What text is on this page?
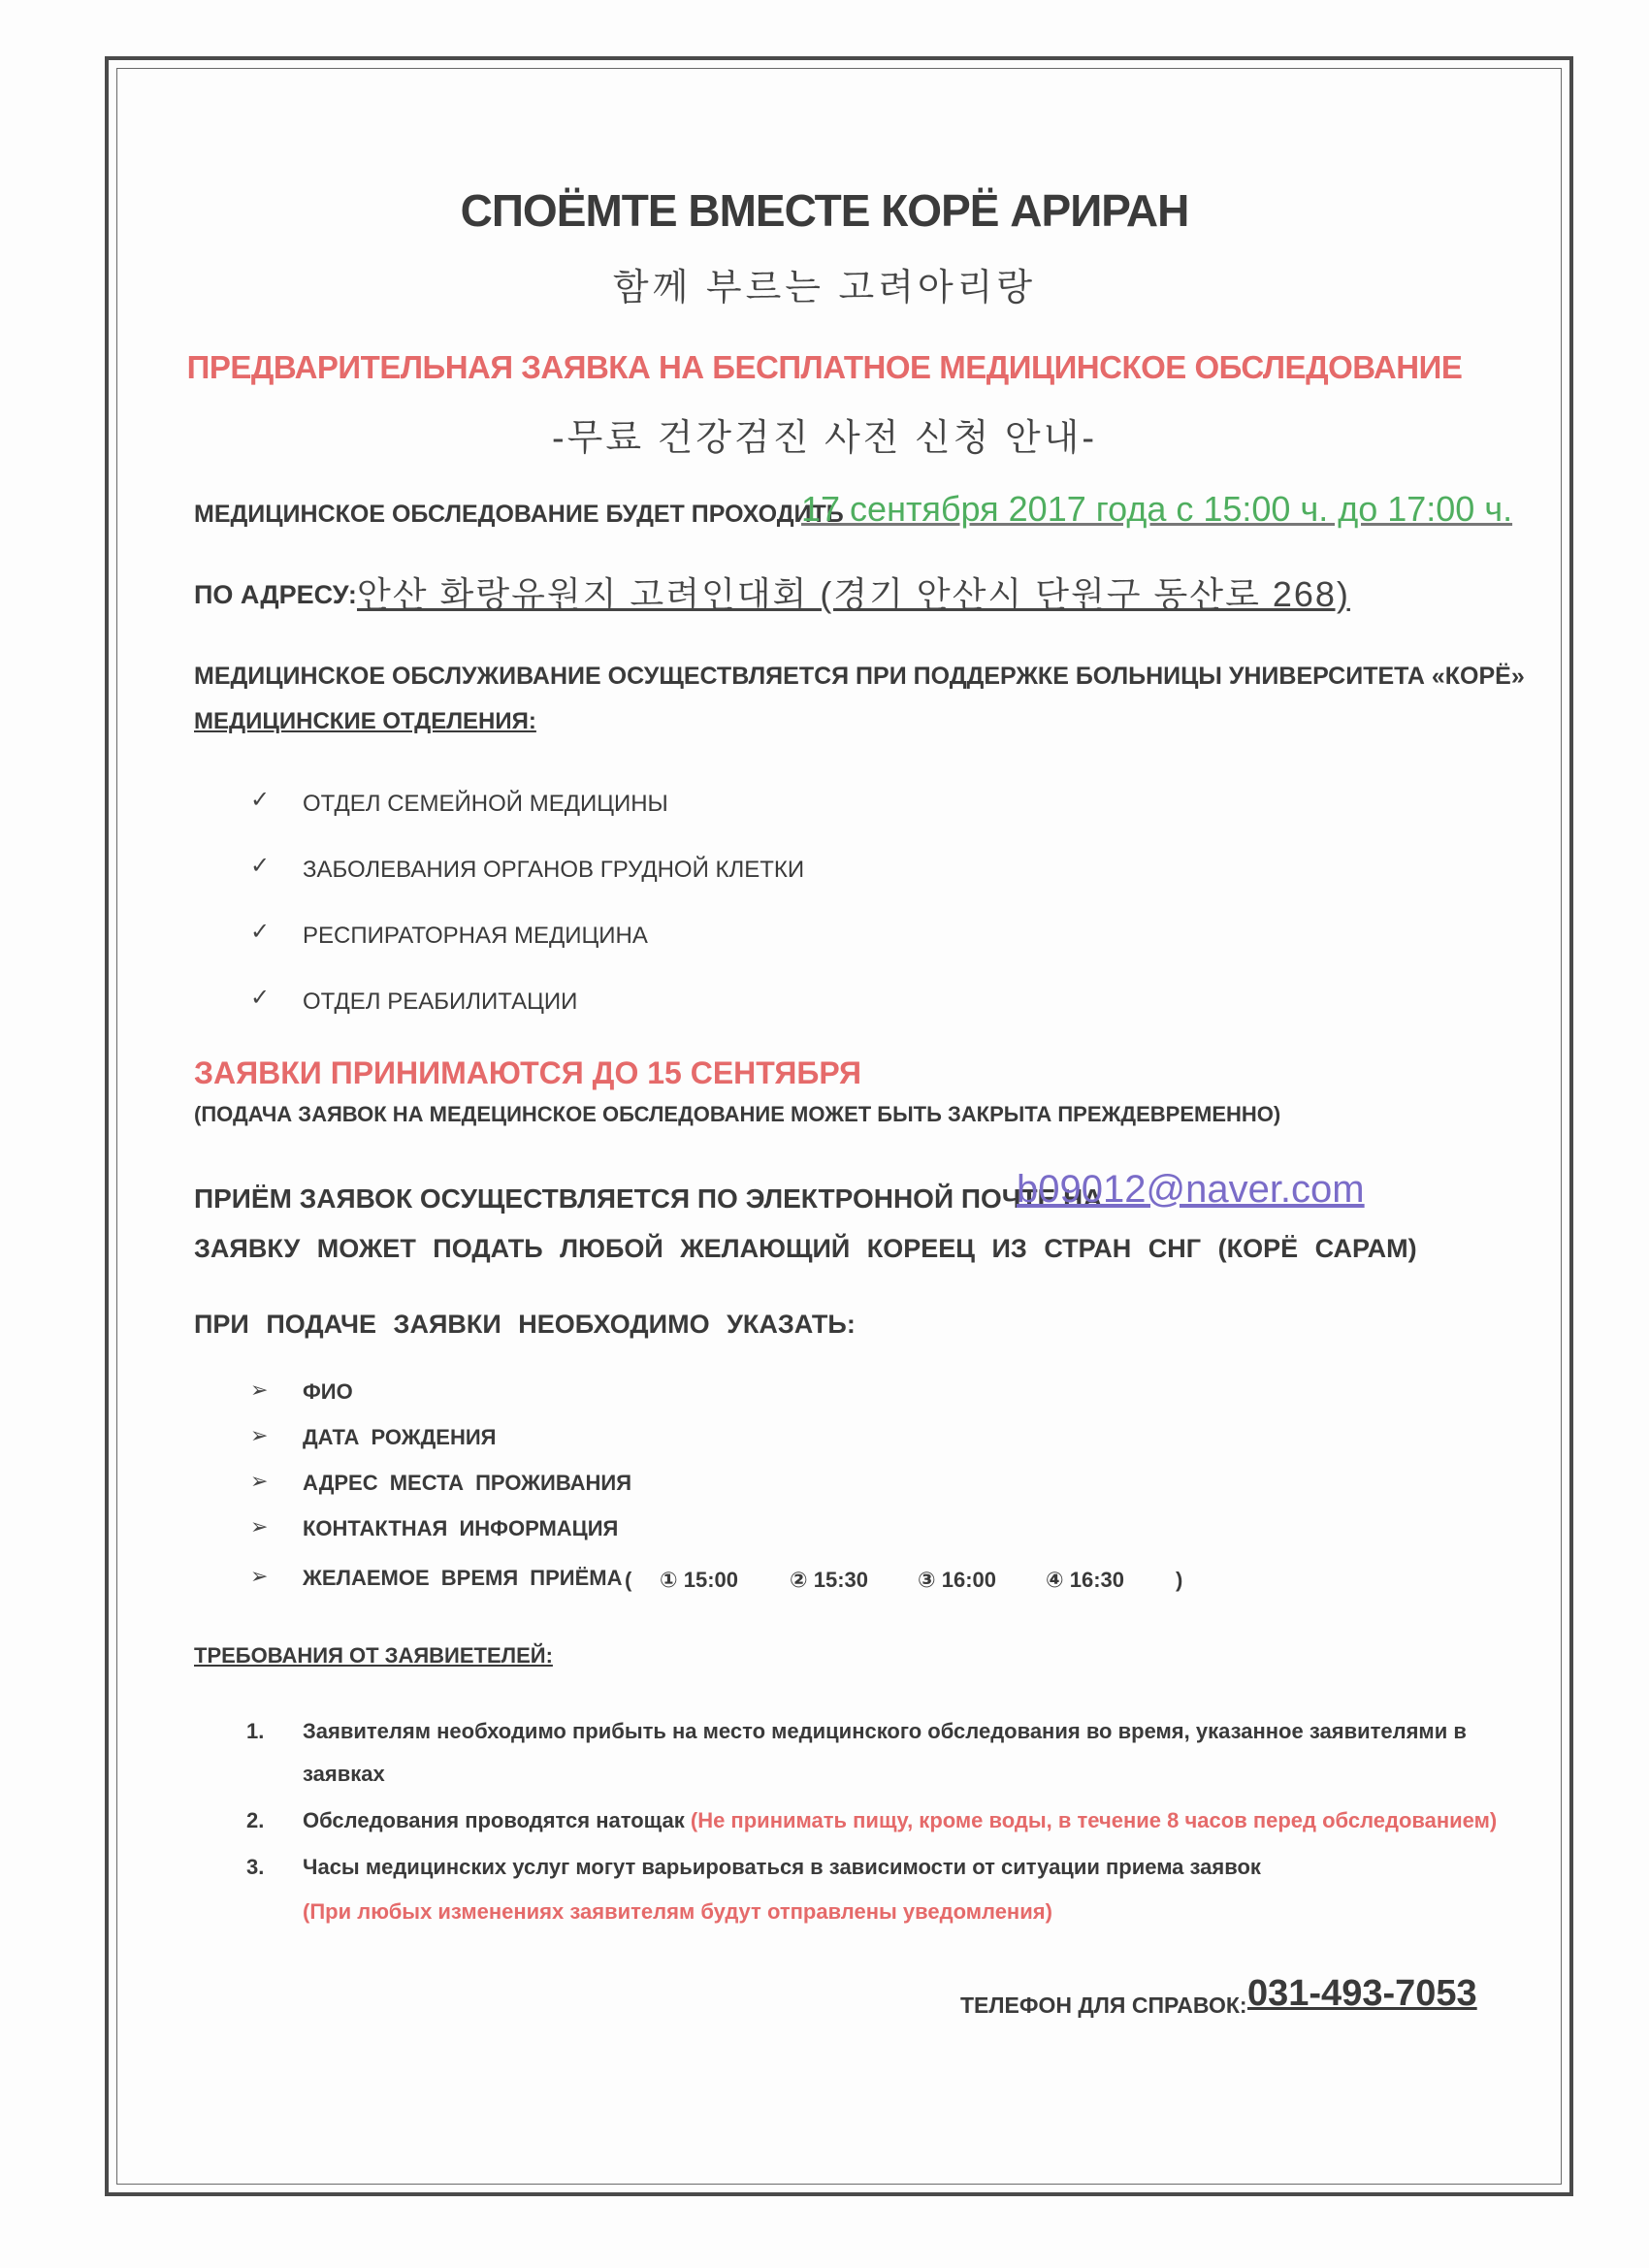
СПОЁМТЕ ВМЕСТЕ КОРЁ АРИРАН
함께 부르는 고려아리랑
ПРЕДВАРИТЕЛЬНАЯ ЗАЯВКА НА БЕСПЛАТНОЕ МЕДИЦИНСКОЕ ОБСЛЕДОВАНИЕ
-무료 건강검진 사전 신청 안내-
МЕДИЦИНСКОЕ ОБСЛЕДОВАНИЕ БУДЕТ ПРОХОДИТЬ
17 сентября 2017 года с 15:00 ч. до 17:00 ч.
ПО АДРЕСУ: 안산 화랑유원지 고려인대회 (경기 안산시 단원구 동산로 268)
МЕДИЦИНСКОЕ ОБСЛУЖИВАНИЕ ОСУЩЕСТВЛЯЕТСЯ ПРИ ПОДДЕРЖКЕ БОЛЬНИЦЫ УНИВЕРСИТЕТА «КОРЁ»
МЕДИЦИНСКИЕ ОТДЕЛЕНИЯ:
✓ ОТДЕЛ СЕМЕЙНОЙ МЕДИЦИНЫ
✓ ЗАБОЛЕВАНИЯ ОРГАНОВ ГРУДНОЙ КЛЕТКИ
✓ РЕСПИРАТОРНАЯ МЕДИЦИНА
✓ ОТДЕЛ РЕАБИЛИТАЦИИ
ЗАЯВКИ ПРИНИМАЮТСЯ ДО 15 СЕНТЯБРЯ
(ПОДАЧА ЗАЯВОК НА МЕДЕЦИНСКОЕ ОБСЛЕДОВАНИЕ МОЖЕТ БЫТЬ ЗАКРЫТА ПРЕЖДЕВРЕМЕННО)
ПРИЁМ ЗАЯВОК ОСУЩЕСТВЛЯЕТСЯ ПО ЭЛЕКТРОННОЙ ПОЧТЕ НА
b09012@naver.com
ЗАЯВКУ МОЖЕТ ПОДАТЬ ЛЮБОЙ ЖЕЛАЮЩИЙ КОРЕЕЦ ИЗ СТРАН СНГ (КОРЁ САРАМ)
ПРИ ПОДАЧЕ ЗАЯВКИ НЕОБХОДИМО УКАЗАТЬ:
➢ ФИО
➢ ДАТА РОЖДЕНИЯ
➢ АДРЕС МЕСТА ПРОЖИВАНИЯ
➢ КОНТАКТНАЯ ИНФОРМАЦИЯ
➢ ЖЕЛАЕМОЕ ВРЕМЯ ПРИЁМА ( ① 15:00 ② 15:30 ③ 16:00 ④ 16:30 )
ТРЕБОВАНИЯ ОТ ЗАЯВИЕТЕЛЕЙ:
1. Заявителям необходимо прибыть на место медицинского обследования во время, указанное заявителями в
заявках
2. Обследования проводятся натощак (Не принимать пищу, кроме воды, в течение 8 часов перед обследованием)
3. Часы медицинских услуг могут варьироваться в зависимости от ситуации приема заявок
(При любых изменениях заявителям будут отправлены уведомления)
ТЕЛЕФОН ДЛЯ СПРАВОК: 031-493-7053
